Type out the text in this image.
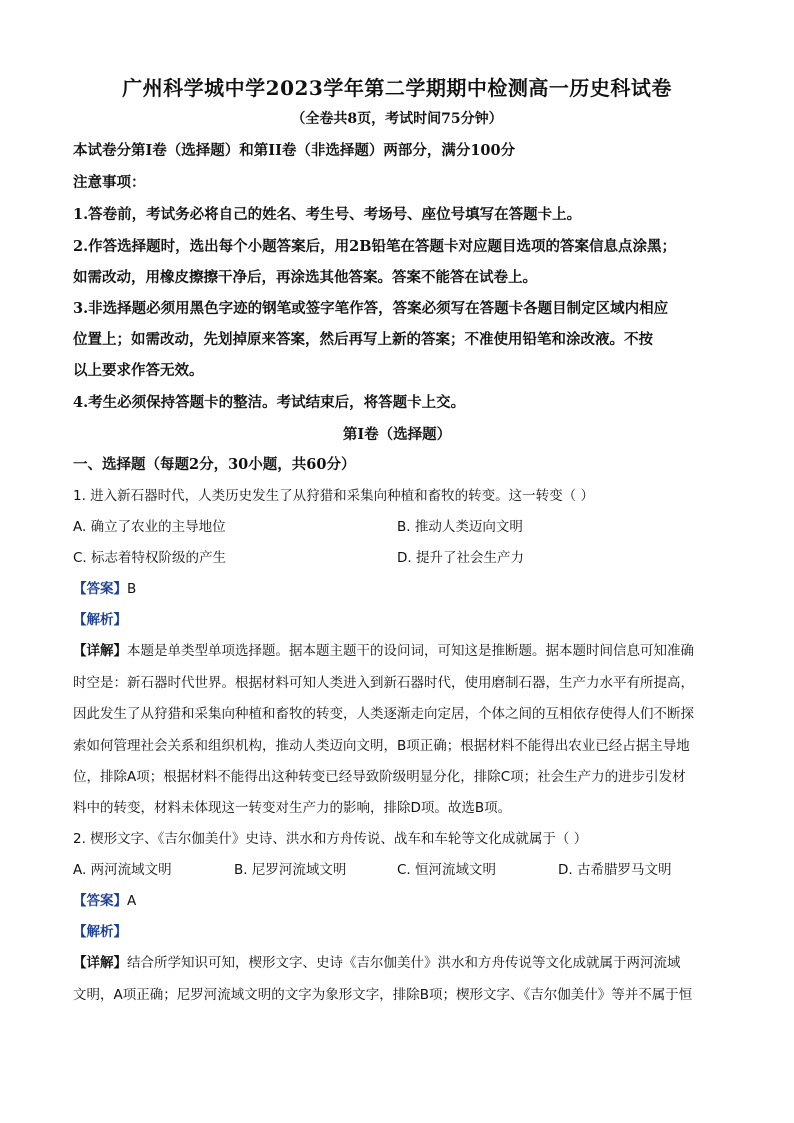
广州科学城中学2023学年第二学期期中检测高一历史科试卷
（全卷共8页，考试时间75分钟）
本试卷分第I卷（选择题）和第II卷（非选择题）两部分，满分100分
注意事项：
1.答卷前，考试务必将自己的姓名、考生号、考场号、座位号填写在答题卡上。
2.作答选择题时，选出每个小题答案后，用2B铅笔在答题卡对应题目选项的答案信息点涂黑；
如需改动，用橡皮擦擦干净后，再涂选其他答案。答案不能答在试卷上。
3.非选择题必须用黑色字迹的钢笔或签字笔作答，答案必须写在答题卡各题目制定区域内相应
位置上；如需改动，先划掉原来答案，然后再写上新的答案；不准使用铅笔和涂改液。不按
以上要求作答无效。
4.考生必须保持答题卡的整洁。考试结束后，将答题卡上交。
第I卷（选择题）
一、选择题（每题2分，30小题，共60分）
1. 进入新石器时代，人类历史发生了从狩猎和采集向种植和畜牧的转变。这一转变（ ）
A. 确立了农业的主导地位	B. 推动人类迈向文明
C. 标志着特权阶级的产生	D. 提升了社会生产力
【答案】B
【解析】
【详解】本题是单类型单项选择题。据本题主题干的设问词，可知这是推断题。据本题时间信息可知准确
时空是：新石器时代世界。根据材料可知人类进入到新石器时代，使用磨制石器，生产力水平有所提高，
因此发生了从狩猎和采集向种植和畜牧的转变，人类逐渐走向定居，个体之间的互相依存使得人们不断探
索如何管理社会关系和组织机构，推动人类迈向文明，B项正确；根据材料不能得出农业已经占据主导地
位，排除A项；根据材料不能得出这种转变已经导致阶级明显分化，排除C项；社会生产力的进步引发材
料中的转变，材料未体现这一转变对生产力的影响，排除D项。故选B项。
2. 楔形文字、《吉尔伽美什》史诗、洪水和方舟传说、战车和车轮等文化成就属于（ ）
A. 两河流域文明	B. 尼罗河流域文明	C. 恒河流域文明	D. 古希腊罗马文明
【答案】A
【解析】
【详解】结合所学知识可知，楔形文字、史诗《吉尔伽美什》洪水和方舟传说等文化成就属于两河流域
文明，A项正确；尼罗河流域文明的文字为象形文字，排除B项；楔形文字、《吉尔伽美什》等并不属于恒
